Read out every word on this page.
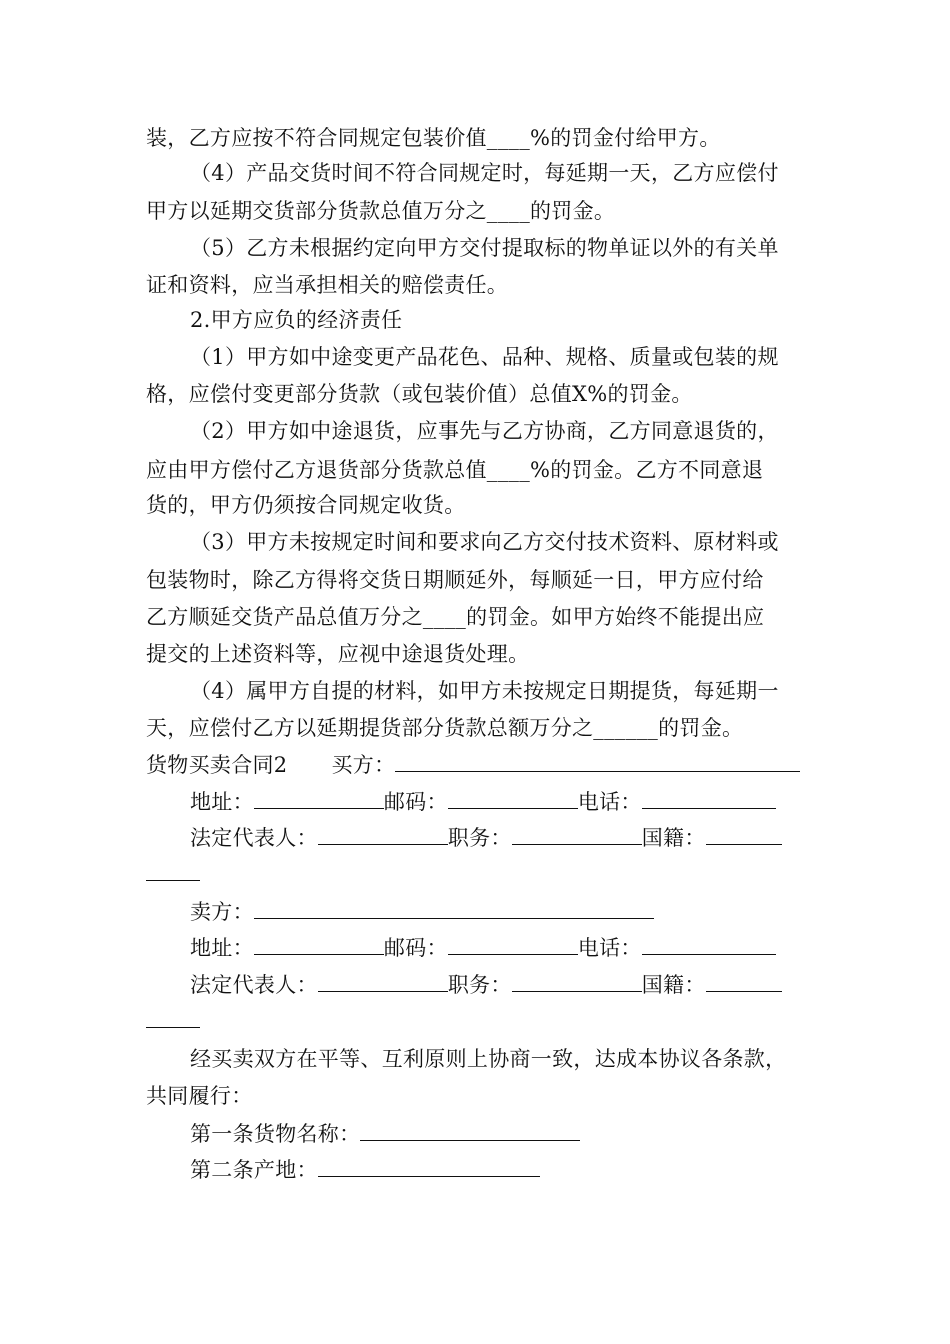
装，乙方应按不符合同规定包装价值____%的罚金付给甲方。
（4）产品交货时间不符合同规定时，每延期一天，乙方应偿付
甲方以延期交货部分货款总值万分之____的罚金。
（5）乙方未根据约定向甲方交付提取标的物单证以外的有关单
证和资料，应当承担相关的赔偿责任。
2.甲方应负的经济责任
（1）甲方如中途变更产品花色、品种、规格、质量或包装的规
格，应偿付变更部分货款（或包装价值）总值X%的罚金。
（2）甲方如中途退货，应事先与乙方协商，乙方同意退货的，
应由甲方偿付乙方退货部分货款总值____%的罚金。乙方不同意退
货的，甲方仍须按合同规定收货。
（3）甲方未按规定时间和要求向乙方交付技术资料、原材料或
包装物时，除乙方得将交货日期顺延外，每顺延一日，甲方应付给
乙方顺延交货产品总值万分之____的罚金。如甲方始终不能提出应
提交的上述资料等，应视中途退货处理。
（4）属甲方自提的材料，如甲方未按规定日期提货，每延期一
天，应偿付乙方以延期提货部分货款总额万分之______的罚金。
货物买卖合同2 买方：
地址：	邮码：	电话：
法定代表人：	职务：	国籍：
卖方：
地址：	邮码：	电话：
法定代表人：	职务：	国籍：
经买卖双方在平等、互利原则上协商一致，达成本协议各条款，
共同履行：
第一条货物名称：
第二条产地：
